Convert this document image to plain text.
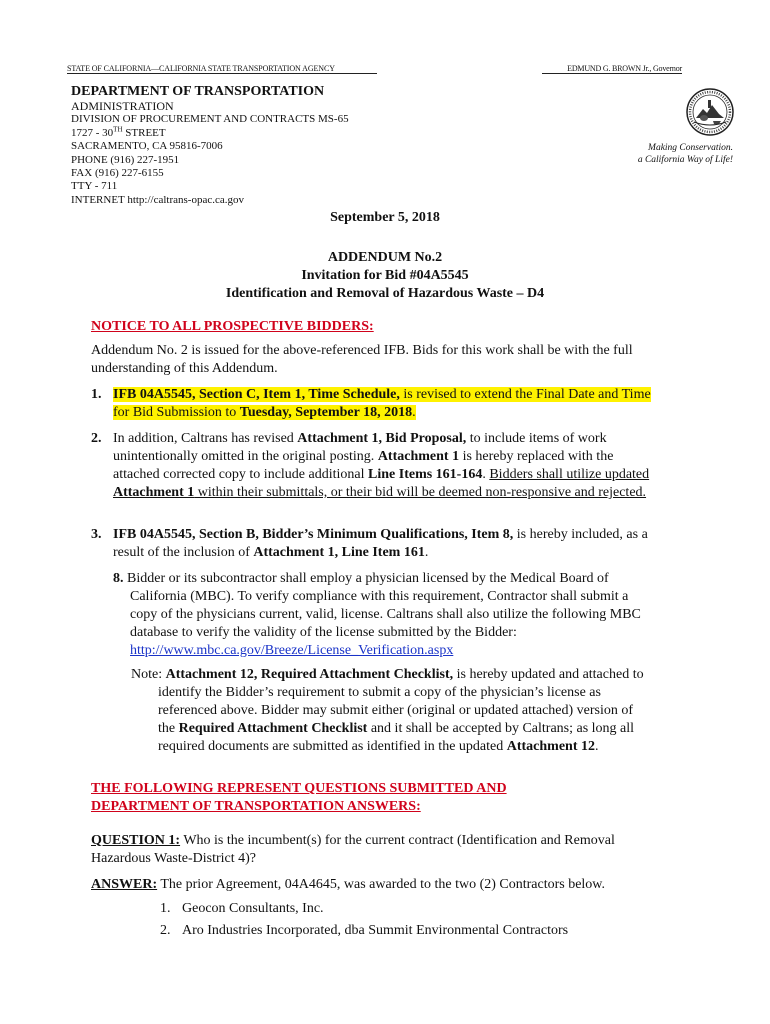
STATE OF CALIFORNIA—CALIFORNIA STATE TRANSPORTATION AGENCY	EDMUND G. BROWN Jr., Governor
DEPARTMENT OF TRANSPORTATION
ADMINISTRATION
DIVISION OF PROCUREMENT AND CONTRACTS MS-65
1727 - 30TH STREET
SACRAMENTO, CA 95816-7006
PHONE (916) 227-1951
FAX (916) 227-6155
TTY - 711
INTERNET http://caltrans-opac.ca.gov
Making Conservation.
a California Way of Life!
September 5, 2018
ADDENDUM No.2
Invitation for Bid #04A5545
Identification and Removal of Hazardous Waste – D4
NOTICE TO ALL PROSPECTIVE BIDDERS:
Addendum No. 2 is issued for the above-referenced IFB. Bids for this work shall be with the full understanding of this Addendum.
1. IFB 04A5545, Section C, Item 1, Time Schedule, is revised to extend the Final Date and Time for Bid Submission to Tuesday, September 18, 2018.
2. In addition, Caltrans has revised Attachment 1, Bid Proposal, to include items of work unintentionally omitted in the original posting. Attachment 1 is hereby replaced with the attached corrected copy to include additional Line Items 161-164. Bidders shall utilize updated Attachment 1 within their submittals, or their bid will be deemed non-responsive and rejected.
3. IFB 04A5545, Section B, Bidder’s Minimum Qualifications, Item 8, is hereby included, as a result of the inclusion of Attachment 1, Line Item 161.
8. Bidder or its subcontractor shall employ a physician licensed by the Medical Board of California (MBC). To verify compliance with this requirement, Contractor shall submit a copy of the physicians current, valid, license. Caltrans shall also utilize the following MBC database to verify the validity of the license submitted by the Bidder: http://www.mbc.ca.gov/Breeze/License_Verification.aspx
Note: Attachment 12, Required Attachment Checklist, is hereby updated and attached to identify the Bidder’s requirement to submit a copy of the physician’s license as referenced above. Bidder may submit either (original or updated attached) version of the Required Attachment Checklist and it shall be accepted by Caltrans; as long all required documents are submitted as identified in the updated Attachment 12.
THE FOLLOWING REPRESENT QUESTIONS SUBMITTED AND
DEPARTMENT OF TRANSPORTATION ANSWERS:
QUESTION 1: Who is the incumbent(s) for the current contract (Identification and Removal Hazardous Waste-District 4)?
ANSWER: The prior Agreement, 04A4645, was awarded to the two (2) Contractors below.
1. Geocon Consultants, Inc.
2. Aro Industries Incorporated, dba Summit Environmental Contractors
